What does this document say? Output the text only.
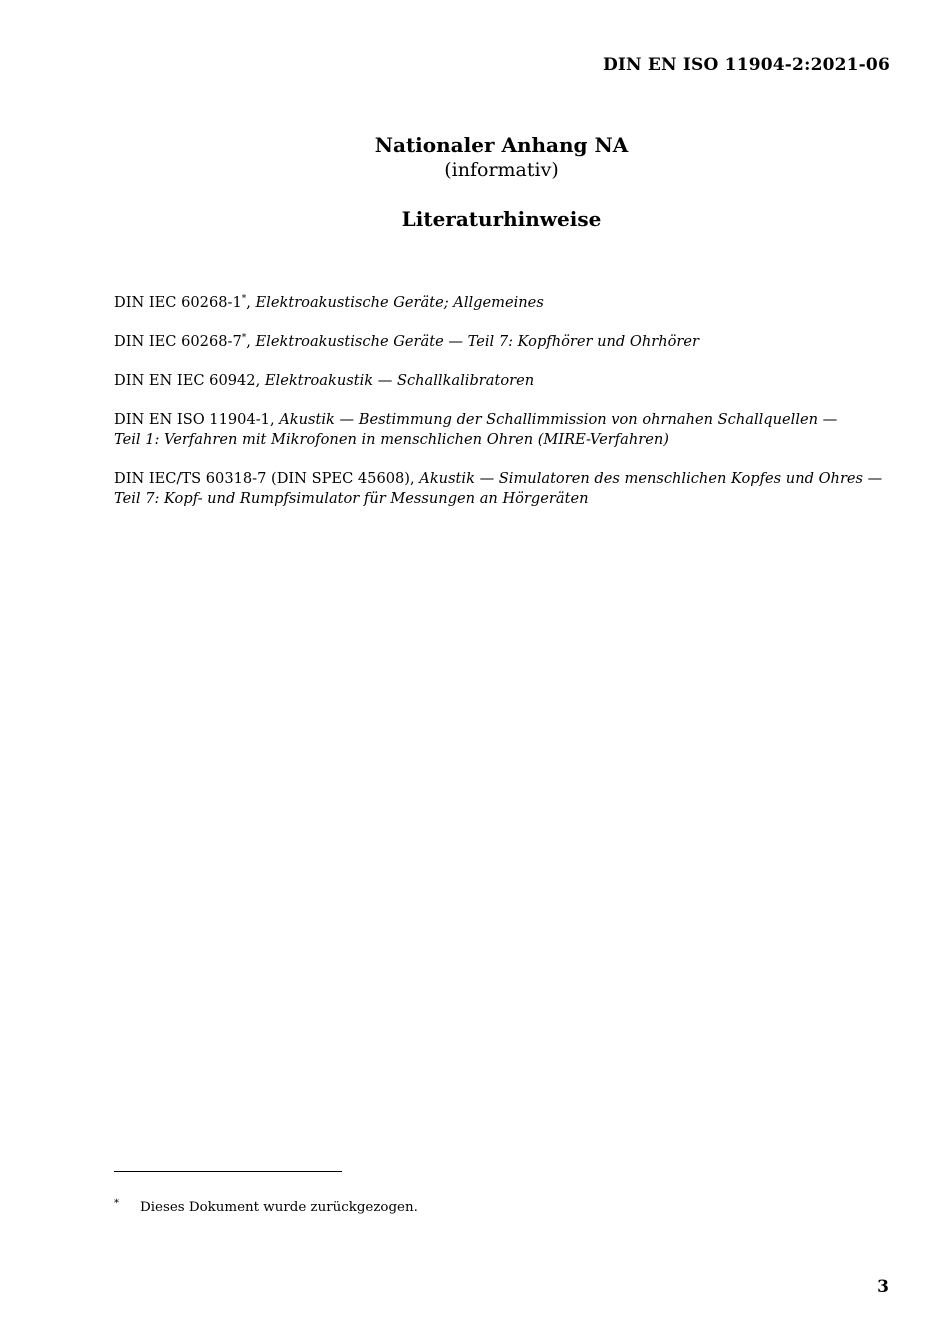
DIN EN ISO 11904-2:2021-06
Nationaler Anhang NA
(informativ)
Literaturhinweise
DIN IEC 60268-1*, Elektroakustische Geräte; Allgemeines
DIN IEC 60268-7*, Elektroakustische Geräte — Teil 7: Kopfhörer und Ohrhörer
DIN EN IEC 60942, Elektroakustik — Schallkalibratoren
DIN EN ISO 11904-1, Akustik — Bestimmung der Schallimmission von ohrnahen Schallquellen —
Teil 1: Verfahren mit Mikrofonen in menschlichen Ohren (MIRE-Verfahren)
DIN IEC/TS 60318-7 (DIN SPEC 45608), Akustik — Simulatoren des menschlichen Kopfes und Ohres —
Teil 7: Kopf- und Rumpfsimulator für Messungen an Hörgeräten
* Dieses Dokument wurde zurückgezogen.
3
